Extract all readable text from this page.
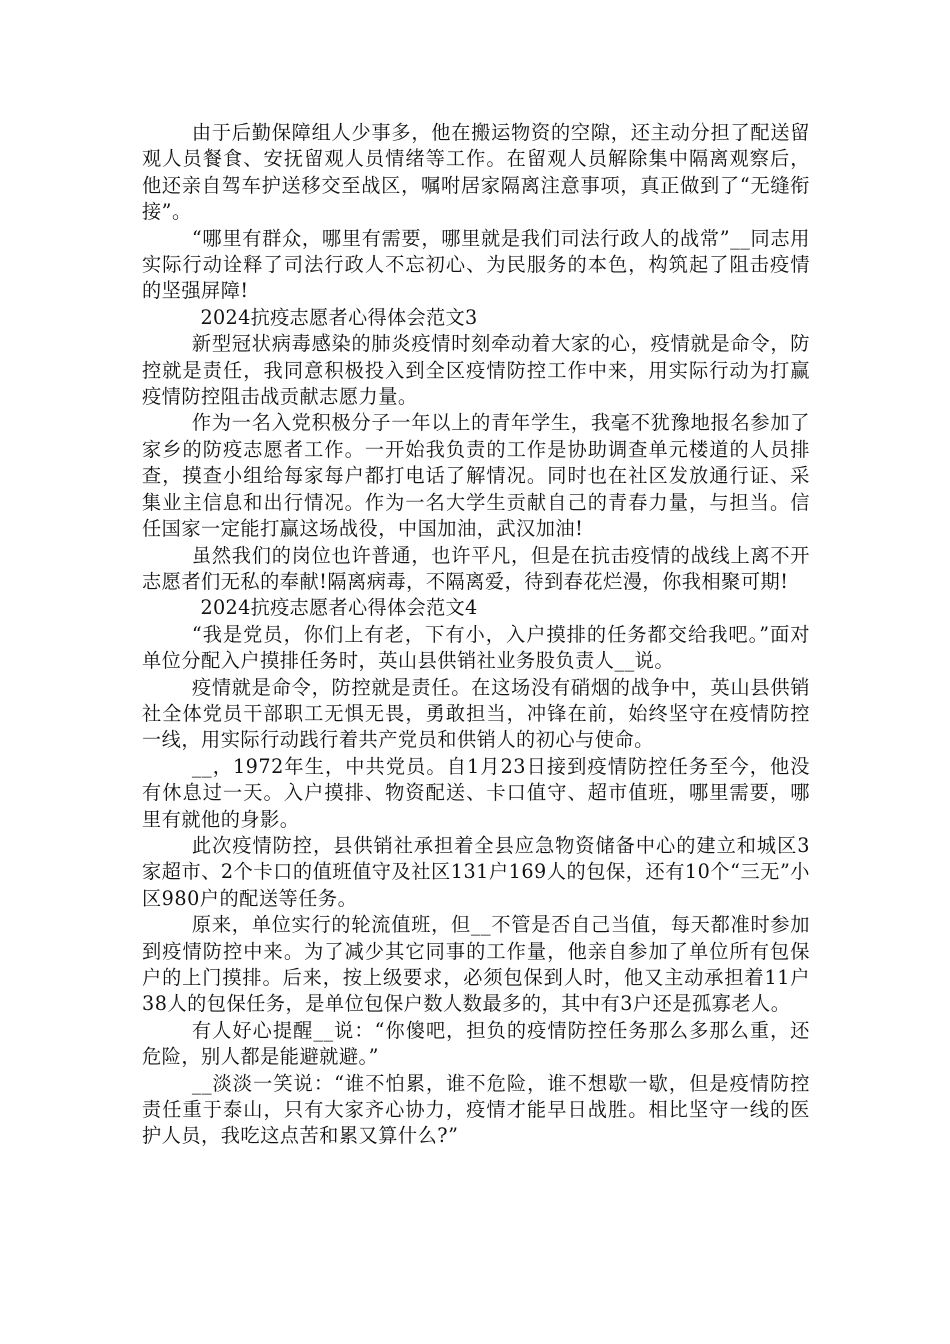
由于后勤保障组人少事多，他在搬运物资的空隙，还主动分担了配送留观人员餐食、安抚留观人员情绪等工作。在留观人员解除集中隔离观察后，他还亲自驾车护送移交至战区，嘱咐居家隔离注意事项，真正做到了“无缝衔接”。

“哪里有群众，哪里有需要，哪里就是我们司法行政人的战常”__同志用实际行动诠释了司法行政人不忘初心、为民服务的本色，构筑起了阻击疫情的坚强屏障!

2024抗疫志愿者心得体会范文3

新型冠状病毒感染的肺炎疫情时刻牵动着大家的心，疫情就是命令，防控就是责任，我同意积极投入到全区疫情防控工作中来，用实际行动为打赢疫情防控阻击战贡献志愿力量。

作为一名入党积极分子一年以上的青年学生，我毫不犹豫地报名参加了家乡的防疫志愿者工作。一开始我负责的工作是协助调查单元楼道的人员排查，摸查小组给每家每户都打电话了解情况。同时也在社区发放通行证、采集业主信息和出行情况。作为一名大学生贡献自己的青春力量，与担当。信任国家一定能打赢这场战役，中国加油，武汉加油!

虽然我们的岗位也许普通，也许平凡，但是在抗击疫情的战线上离不开志愿者们无私的奉献!隔离病毒，不隔离爱，待到春花烂漫，你我相聚可期!

2024抗疫志愿者心得体会范文4

“我是党员，你们上有老，下有小，入户摸排的任务都交给我吧。”面对单位分配入户摸排任务时，英山县供销社业务股负责人__说。

疫情就是命令，防控就是责任。在这场没有硝烟的战争中，英山县供销社全体党员干部职工无惧无畏，勇敢担当，冲锋在前，始终坚守在疫情防控一线，用实际行动践行着共产党员和供销人的初心与使命。

__，1972年生，中共党员。自1月23日接到疫情防控任务至今，他没有休息过一天。入户摸排、物资配送、卡口值守、超市值班，哪里需要，哪里有就他的身影。

此次疫情防控，县供销社承担着全县应急物资储备中心的建立和城区3家超市、2个卡口的值班值守及社区131户169人的包保，还有10个“三无”小区980户的配送等任务。

原来，单位实行的轮流值班，但__不管是否自己当值，每天都准时参加到疫情防控中来。为了减少其它同事的工作量，他亲自参加了单位所有包保户的上门摸排。后来，按上级要求，必须包保到人时，他又主动承担着11户38人的包保任务，是单位包保户数人数最多的，其中有3户还是孤寡老人。

有人好心提醒__说：“你傻吧，担负的疫情防控任务那么多那么重，还危险，别人都是能避就避。”

__淡淡一笑说：“谁不怕累，谁不危险，谁不想歇一歇，但是疫情防控责任重于泰山，只有大家齐心协力，疫情才能早日战胜。相比坚守一线的医护人员，我吃这点苦和累又算什么?”
